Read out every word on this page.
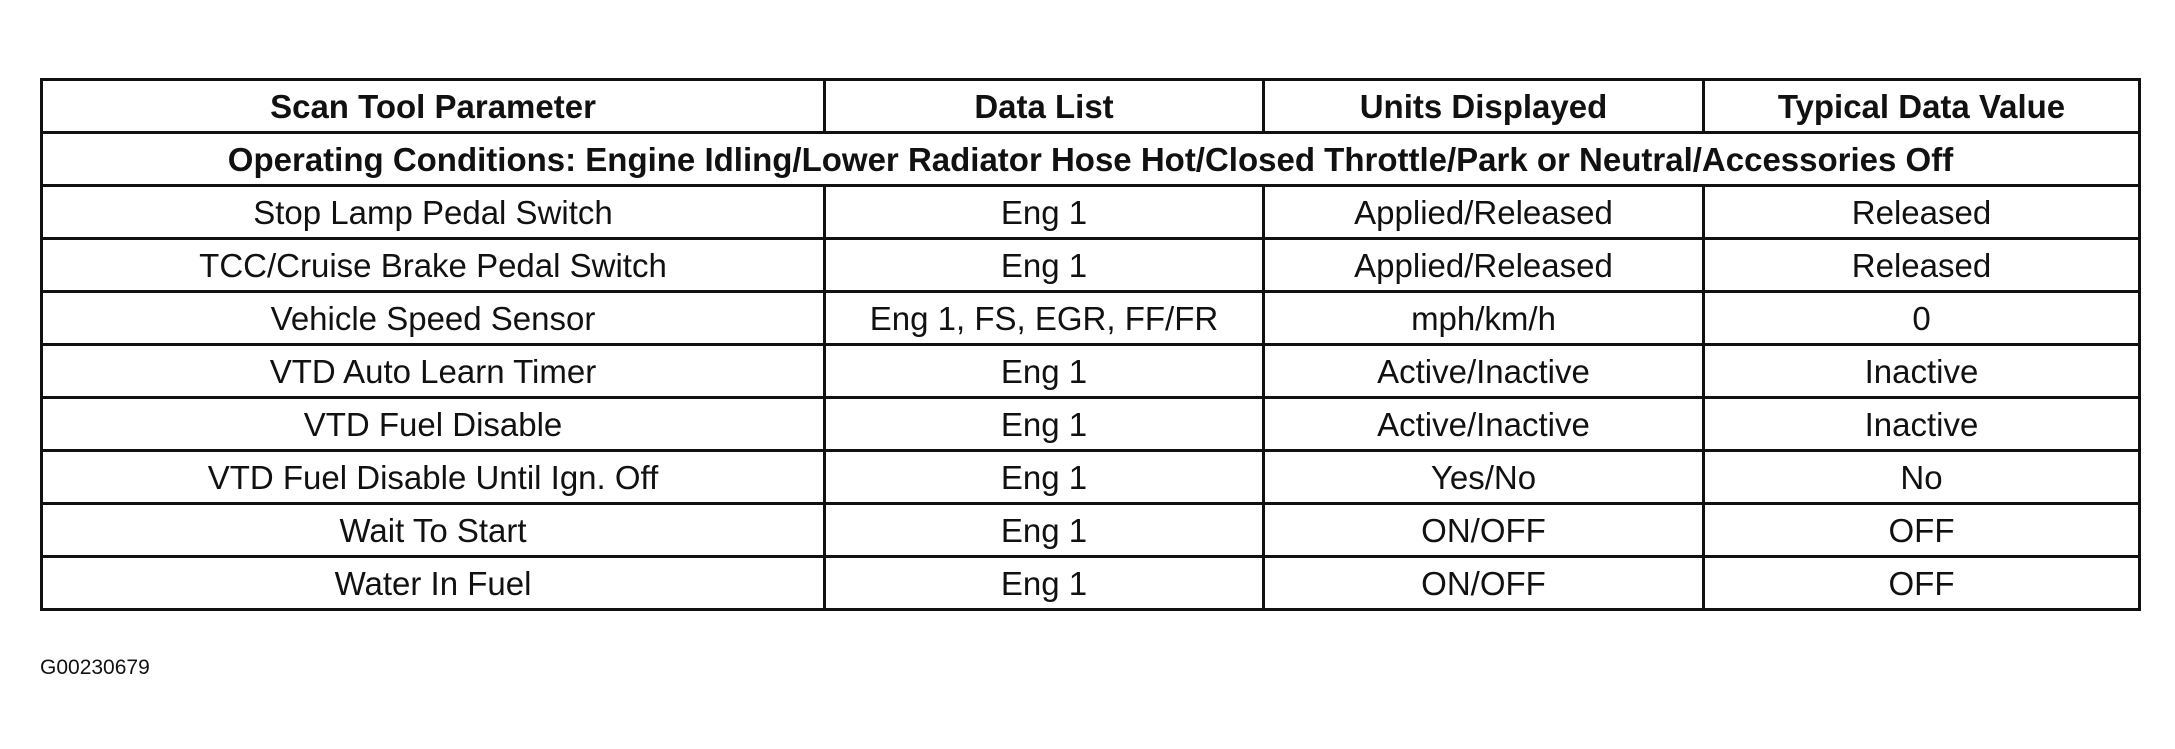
Scan Tool Parameter	Data List	Units Displayed	Typical Data Value
Operating Conditions: Engine Idling/Lower Radiator Hose Hot/Closed Throttle/Park or Neutral/Accessories Off			
Stop Lamp Pedal Switch	Eng 1	Applied/Released	Released
TCC/Cruise Brake Pedal Switch	Eng 1	Applied/Released	Released
Vehicle Speed Sensor	Eng 1, FS, EGR, FF/FR	mph/km/h	0
VTD Auto Learn Timer	Eng 1	Active/Inactive	Inactive
VTD Fuel Disable	Eng 1	Active/Inactive	Inactive
VTD Fuel Disable Until Ign. Off	Eng 1	Yes/No	No
Wait To Start	Eng 1	ON/OFF	OFF
Water In Fuel	Eng 1	ON/OFF	OFF
G00230679
